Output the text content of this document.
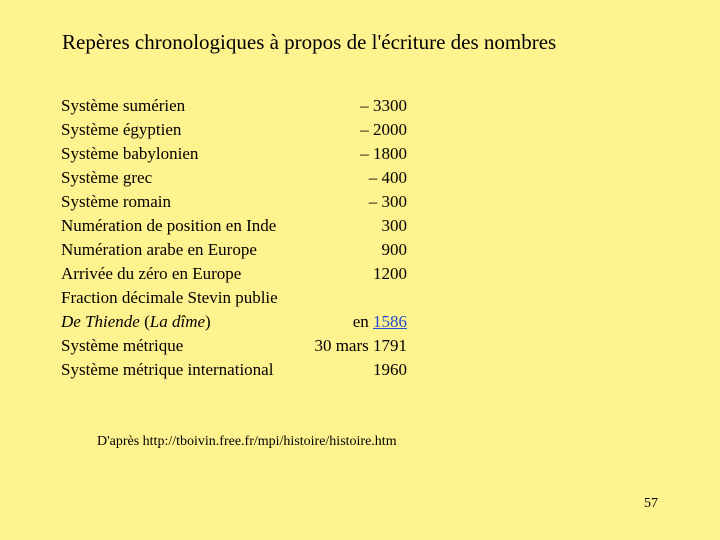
Repères chronologiques à propos de l'écriture des nombres
Système sumérien	– 3300
Système égyptien	– 2000
Système babylonien	– 1800
Système grec	– 400
Système romain	– 300
Numération de position en Inde	300
Numération arabe en Europe	900
Arrivée du zéro en Europe	1200
Fraction décimale Stevin publie
De Thiende (La dîme)	en 1586
Système métrique	30 mars 1791
Système métrique international	1960
D'après http://tboivin.free.fr/mpi/histoire/histoire.htm
57
